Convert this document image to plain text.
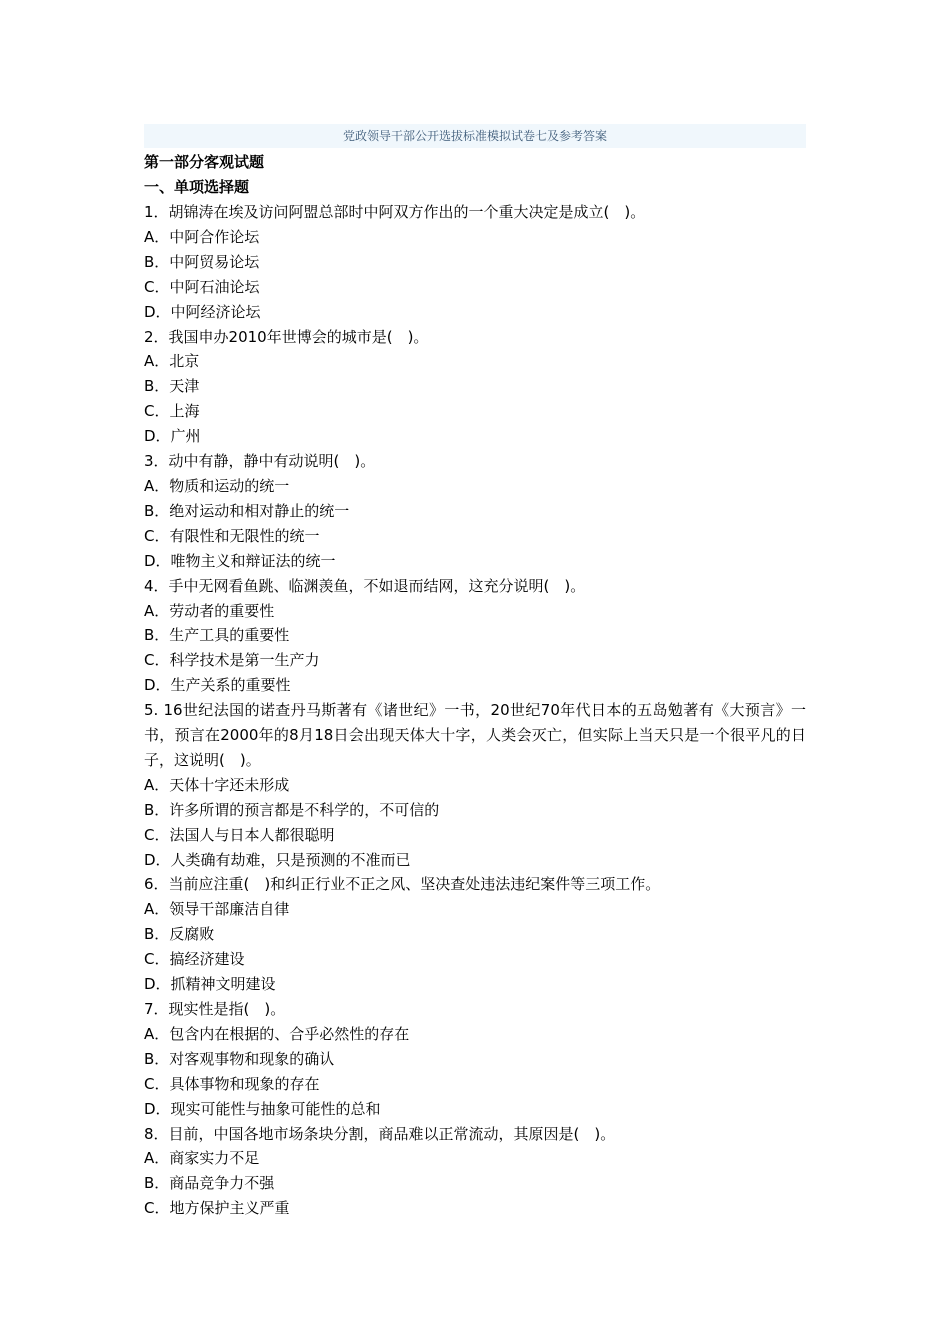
党政领导干部公开选拔标准模拟试卷七及参考答案
第一部分客观试题
一、单项选择题
1．胡锦涛在埃及访问阿盟总部时中阿双方作出的一个重大决定是成立(　)。
A．中阿合作论坛
B．中阿贸易论坛
C．中阿石油论坛
D．中阿经济论坛
2．我国申办2010年世博会的城市是(　)。
A．北京
B．天津
C．上海
D．广州
3．动中有静，静中有动说明(　)。
A．物质和运动的统一
B．绝对运动和相对静止的统一
C．有限性和无限性的统一
D．唯物主义和辩证法的统一
4．手中无网看鱼跳、临渊羡鱼，不如退而结网，这充分说明(　)。
A．劳动者的重要性
B．生产工具的重要性
C．科学技术是第一生产力
D．生产关系的重要性
5. 16世纪法国的诺查丹马斯著有《诸世纪》一书，20世纪70年代日本的五岛勉著有《大预言》一书，预言在2000年的8月18日会出现天体大十字，人类会灭亡，但实际上当天只是一个很平凡的日子，这说明(　)。
A．天体十字还未形成
B．许多所谓的预言都是不科学的，不可信的
C．法国人与日本人都很聪明
D．人类确有劫难，只是预测的不准而已
6．当前应注重(　)和纠正行业不正之风、坚决查处违法违纪案件等三项工作。
A．领导干部廉洁自律
B．反腐败
C．搞经济建设
D．抓精神文明建设
7．现实性是指(　)。
A．包含内在根据的、合乎必然性的存在
B．对客观事物和现象的确认
C．具体事物和现象的存在
D．现实可能性与抽象可能性的总和
8．目前，中国各地市场条块分割，商品难以正常流动，其原因是(　)。
A．商家实力不足
B．商品竞争力不强
C．地方保护主义严重
